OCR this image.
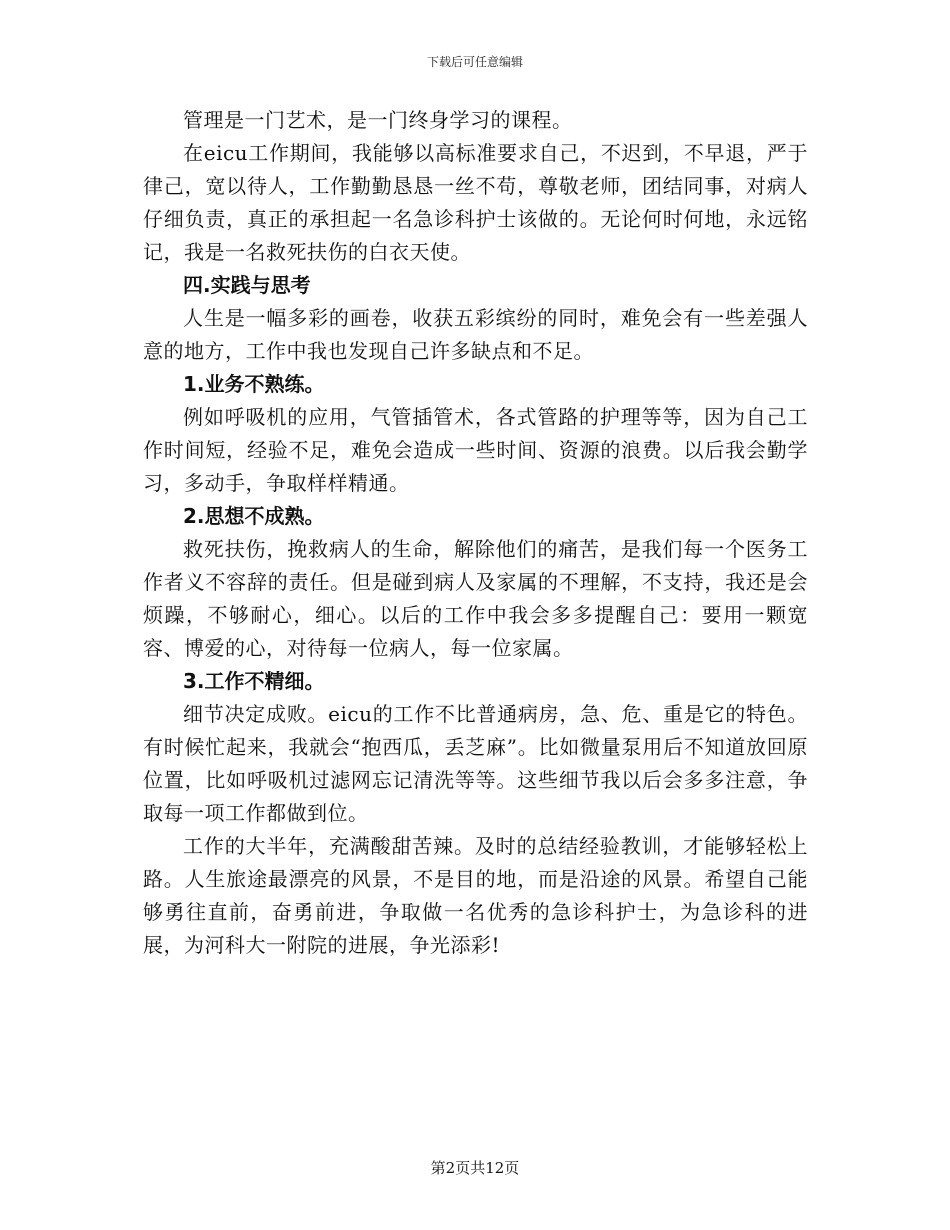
下载后可任意编辑

管理是一门艺术，是一门终身学习的课程。

在eicu工作期间，我能够以高标准要求自己，不迟到，不早退，严于律己，宽以待人，工作勤勤恳恳一丝不苟，尊敬老师，团结同事，对病人仔细负责，真正的承担起一名急诊科护士该做的。无论何时何地，永远铭记，我是一名救死扶伤的白衣天使。

四.实践与思考

人生是一幅多彩的画卷，收获五彩缤纷的同时，难免会有一些差强人意的地方，工作中我也发现自己许多缺点和不足。

1.业务不熟练。

例如呼吸机的应用，气管插管术，各式管路的护理等等，因为自己工作时间短，经验不足，难免会造成一些时间、资源的浪费。以后我会勤学习，多动手，争取样样精通。

2.思想不成熟。

救死扶伤，挽救病人的生命，解除他们的痛苦，是我们每一个医务工作者义不容辞的责任。但是碰到病人及家属的不理解，不支持，我还是会烦躁，不够耐心，细心。以后的工作中我会多多提醒自己：要用一颗宽容、博爱的心，对待每一位病人，每一位家属。

3.工作不精细。

细节决定成败。eicu的工作不比普通病房，急、危、重是它的特色。有时候忙起来，我就会“抱西瓜，丢芝麻”。比如微量泵用后不知道放回原位置，比如呼吸机过滤网忘记清洗等等。这些细节我以后会多多注意，争取每一项工作都做到位。

工作的大半年，充满酸甜苦辣。及时的总结经验教训，才能够轻松上路。人生旅途最漂亮的风景，不是目的地，而是沿途的风景。希望自己能够勇往直前，奋勇前进，争取做一名优秀的急诊科护士，为急诊科的进展，为河科大一附院的进展，争光添彩!

第2页共12页
